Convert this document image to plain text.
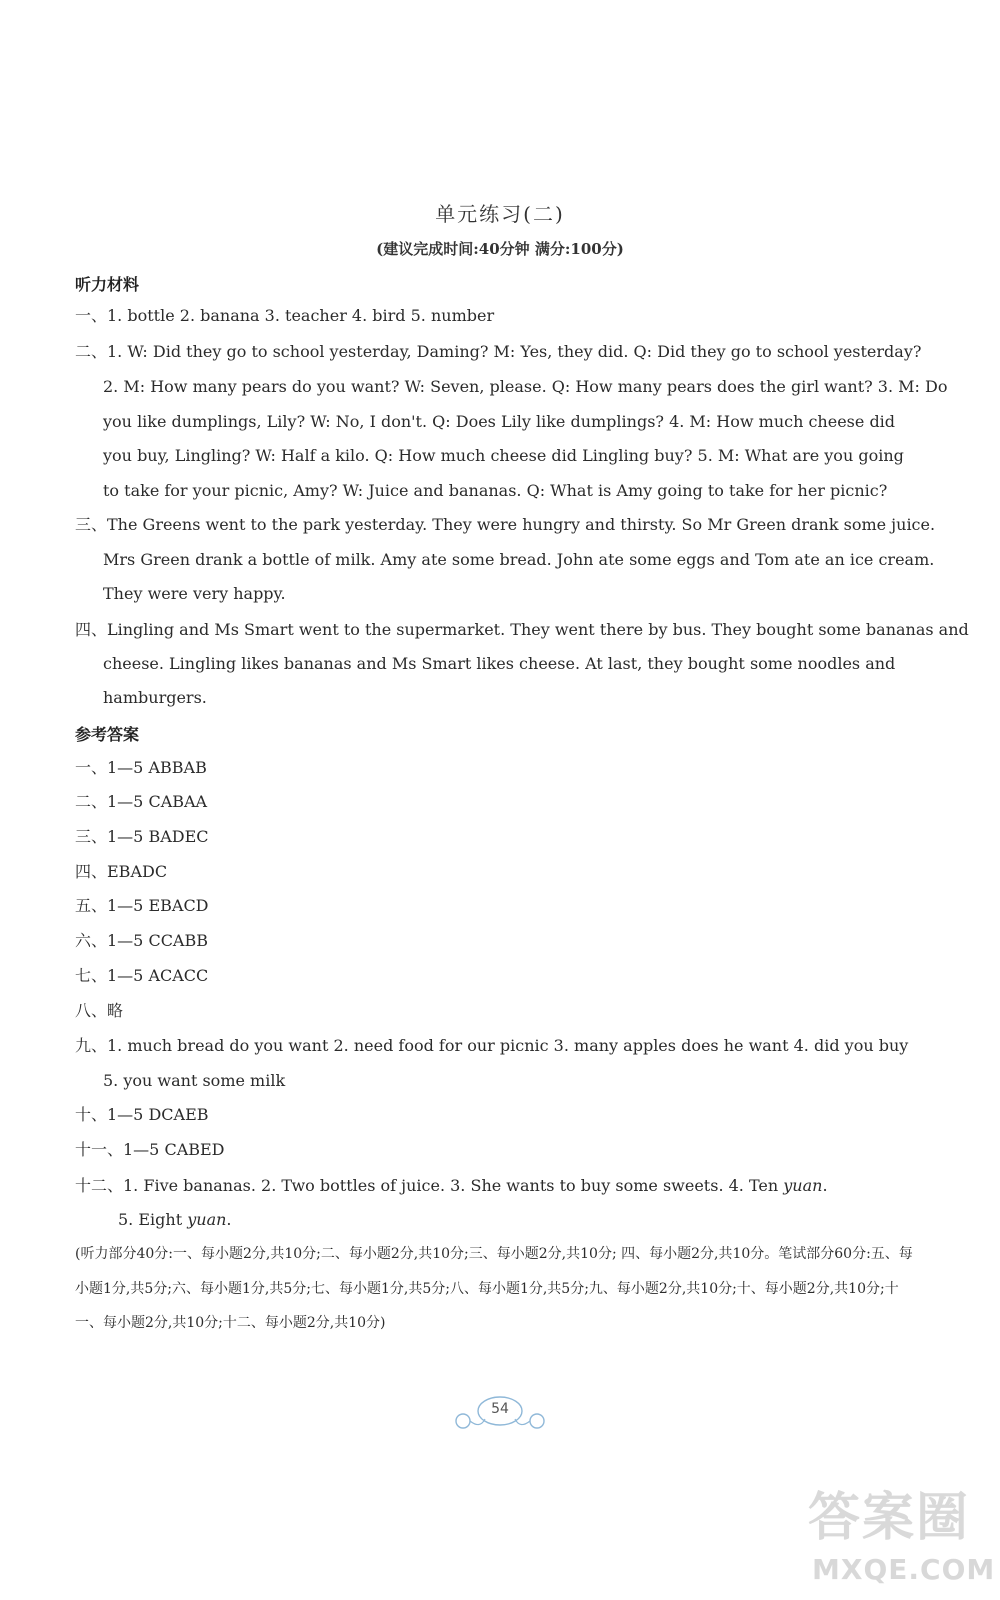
单元练习(二)
(建议完成时间:40分钟 满分:100分)
听力材料
一、1. bottle 2. banana 3. teacher 4. bird 5. number
二、1. W: Did they go to school yesterday, Daming? M: Yes, they did. Q: Did they go to school yesterday?
2. M: How many pears do you want? W: Seven, please. Q: How many pears does the girl want? 3. M: Do
you like dumplings, Lily? W: No, I don't. Q: Does Lily like dumplings? 4. M: How much cheese did
you buy, Lingling? W: Half a kilo. Q: How much cheese did Lingling buy? 5. M: What are you going
to take for your picnic, Amy? W: Juice and bananas. Q: What is Amy going to take for her picnic?
三、The Greens went to the park yesterday. They were hungry and thirsty. So Mr Green drank some juice.
Mrs Green drank a bottle of milk. Amy ate some bread. John ate some eggs and Tom ate an ice cream.
They were very happy.
四、Lingling and Ms Smart went to the supermarket. They went there by bus. They bought some bananas and
cheese. Lingling likes bananas and Ms Smart likes cheese. At last, they bought some noodles and
hamburgers.
参考答案
一、1—5 ABBAB
二、1—5 CABAA
三、1—5 BADEC
四、EBADC
五、1—5 EBACD
六、1—5 CCABB
七、1—5 ACACC
八、略
九、1. much bread do you want 2. need food for our picnic 3. many apples does he want 4. did you buy
5. you want some milk
十、1—5 DCAEB
十一、1—5 CABED
十二、1. Five bananas. 2. Two bottles of juice. 3. She wants to buy some sweets. 4. Ten yuan.
5. Eight yuan.
(听力部分40分:一、每小题2分,共10分;二、每小题2分,共10分;三、每小题2分,共10分; 四、每小题2分,共10分。笔试部分60分:五、每小题1分,共5分;六、每小题1分,共5分;七、每小题1分,共5分;八、每小题1分,共5分;九、每小题2分,共10分;十、每小题2分,共10分;十一、每小题2分,共10分;十二、每小题2分,共10分)
54
答案圈
MXQE.COM
